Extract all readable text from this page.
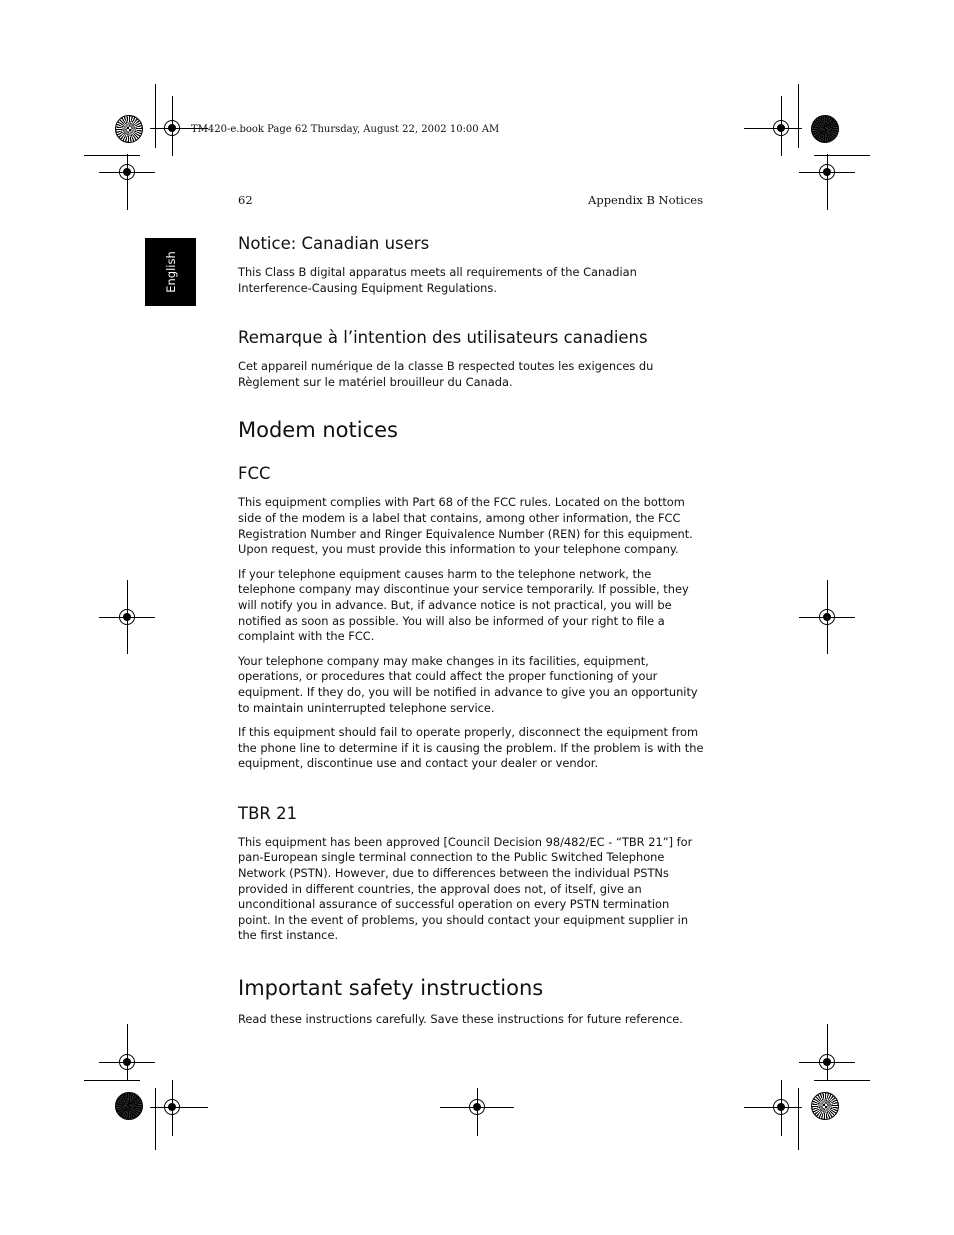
TM420-e.book Page 62 Thursday, August 22, 2002 10:00 AM
62	Appendix B Notices
English
Notice: Canadian users

This Class B digital apparatus meets all requirements of the Canadian Interference-Causing Equipment Regulations.

Remarque à l’intention des utilisateurs canadiens

Cet appareil numérique de la classe B respected toutes les exigences du Règlement sur le matériel brouilleur du Canada.

Modem notices
FCC

This equipment complies with Part 68 of the FCC rules. Located on the bottom side of the modem is a label that contains, among other information, the FCC Registration Number and Ringer Equivalence Number (REN) for this equipment. Upon request, you must provide this information to your telephone company.

If your telephone equipment causes harm to the telephone network, the telephone company may discontinue your service temporarily. If possible, they will notify you in advance. But, if advance notice is not practical, you will be notified as soon as possible. You will also be informed of your right to file a complaint with the FCC.

Your telephone company may make changes in its facilities, equipment, operations, or procedures that could affect the proper functioning of your equipment. If they do, you will be notified in advance to give you an opportunity to maintain uninterrupted telephone service.

If this equipment should fail to operate properly, disconnect the equipment from the phone line to determine if it is causing the problem. If the problem is with the equipment, discontinue use and contact your dealer or vendor.

TBR 21

This equipment has been approved [Council Decision 98/482/EC - “TBR 21”] for pan-European single terminal connection to the Public Switched Telephone Network (PSTN). However, due to differences between the individual PSTNs provided in different countries, the approval does not, of itself, give an unconditional assurance of successful operation on every PSTN termination point. In the event of problems, you should contact your equipment supplier in the first instance.

Important safety instructions

Read these instructions carefully. Save these instructions for future reference.
